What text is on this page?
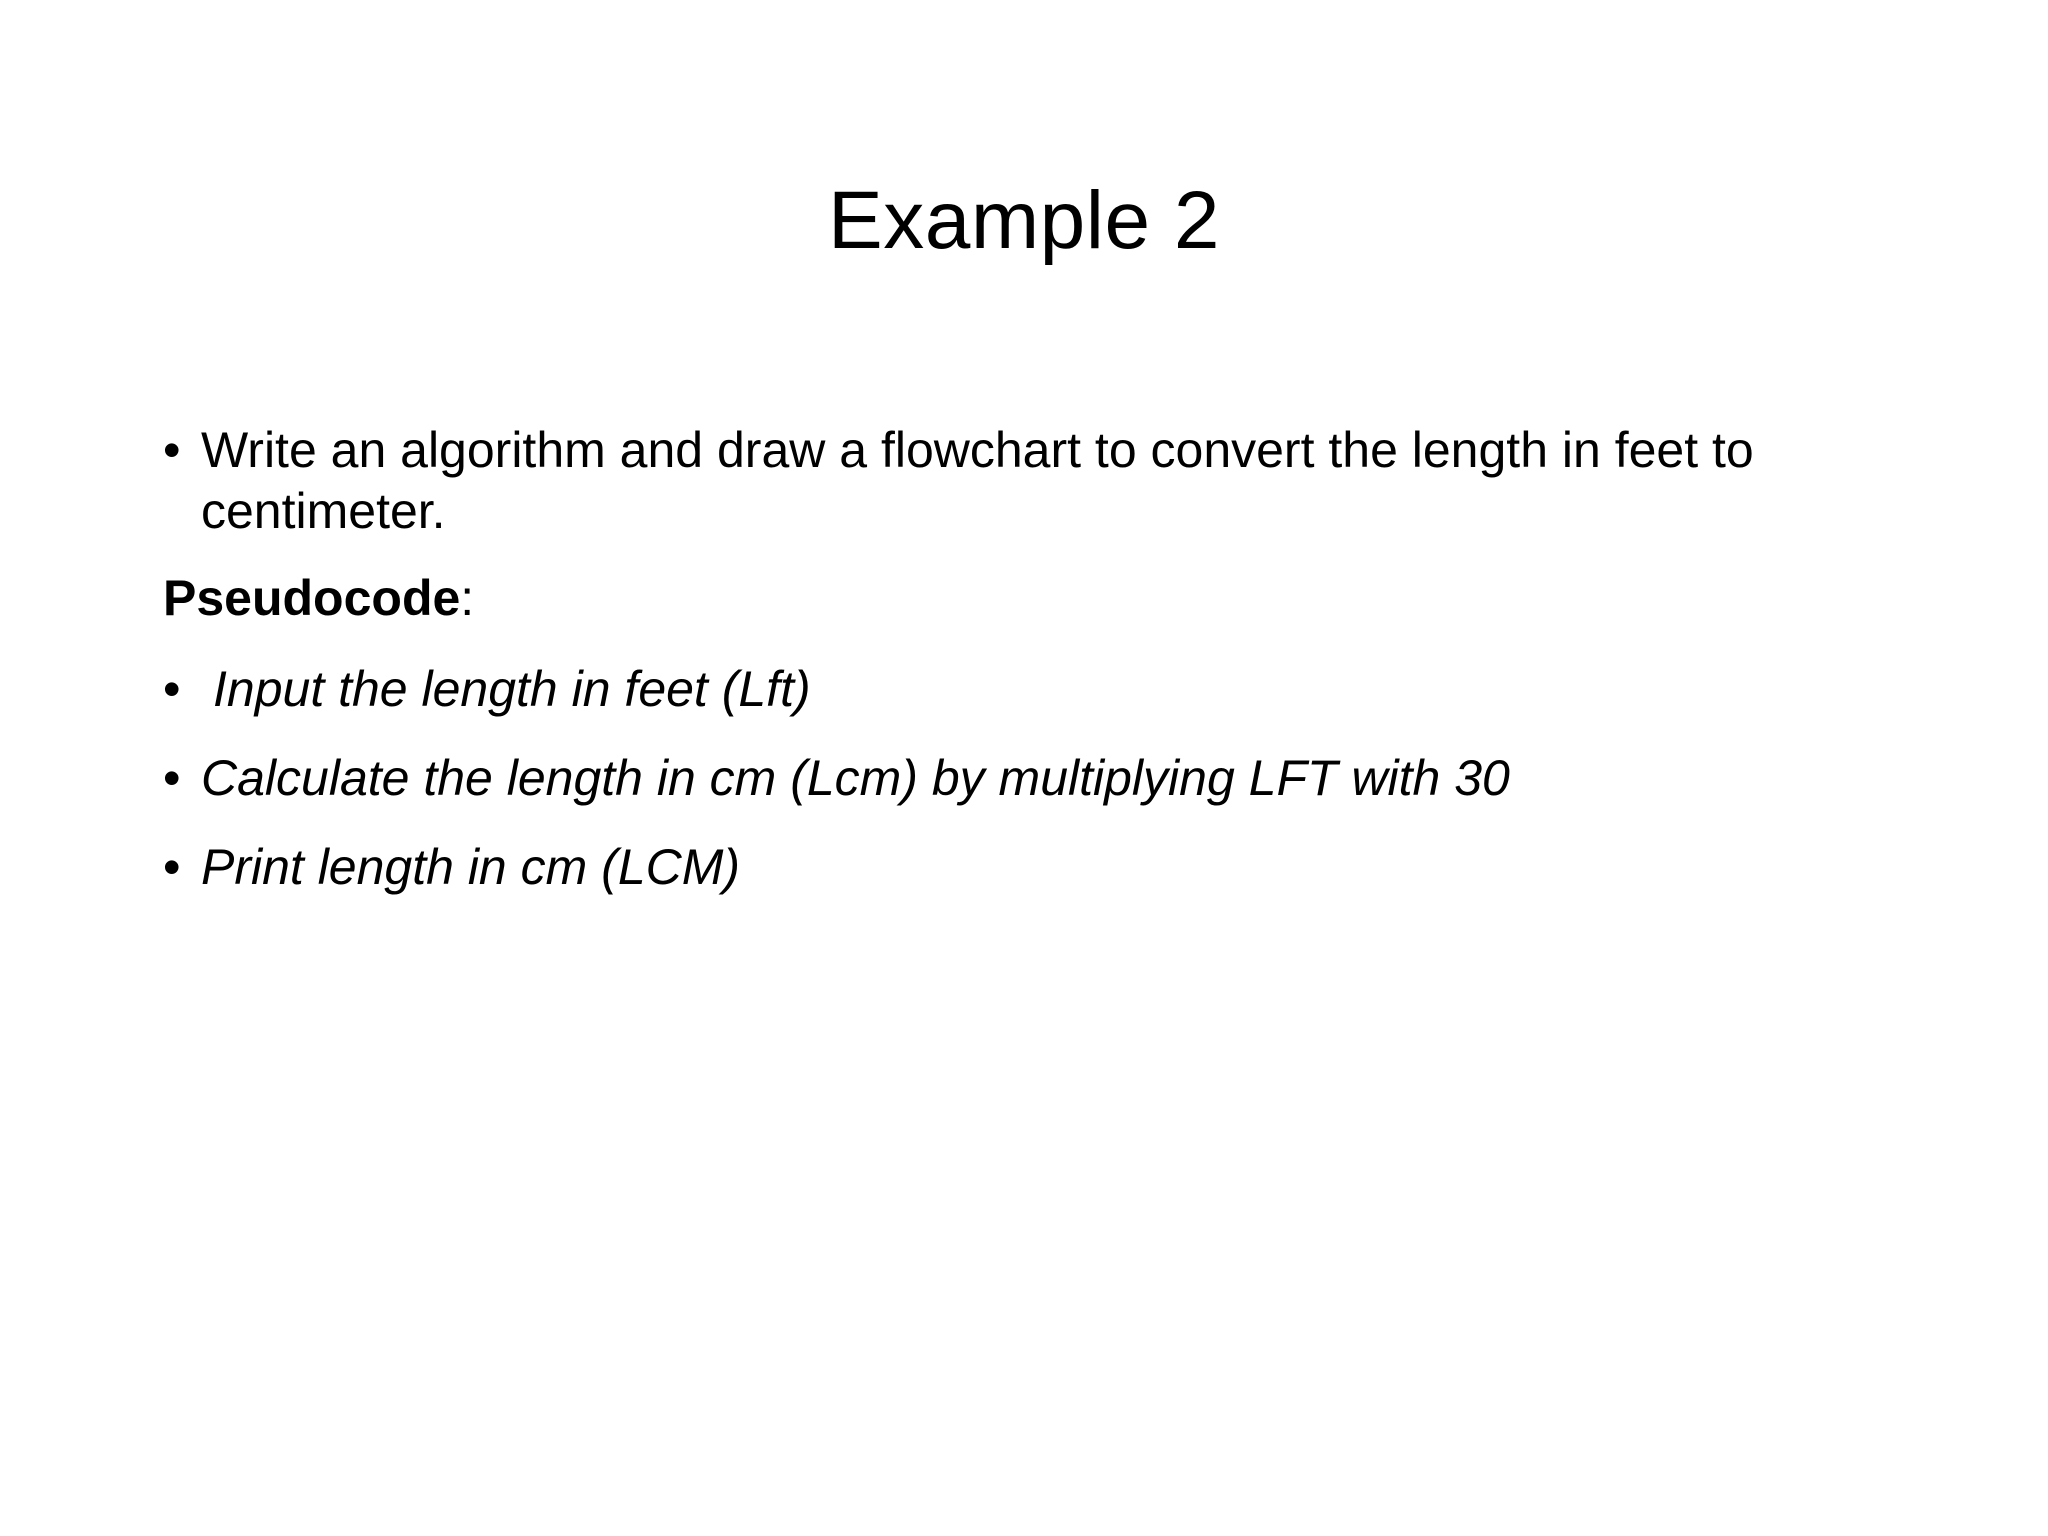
Example 2
• Write an algorithm and draw a flowchart to convert the length in feet to centimeter.
Pseudocode:
• Input the length in feet (Lft)
• Calculate the length in cm (Lcm) by multiplying LFT with 30
• Print length in cm (LCM)
